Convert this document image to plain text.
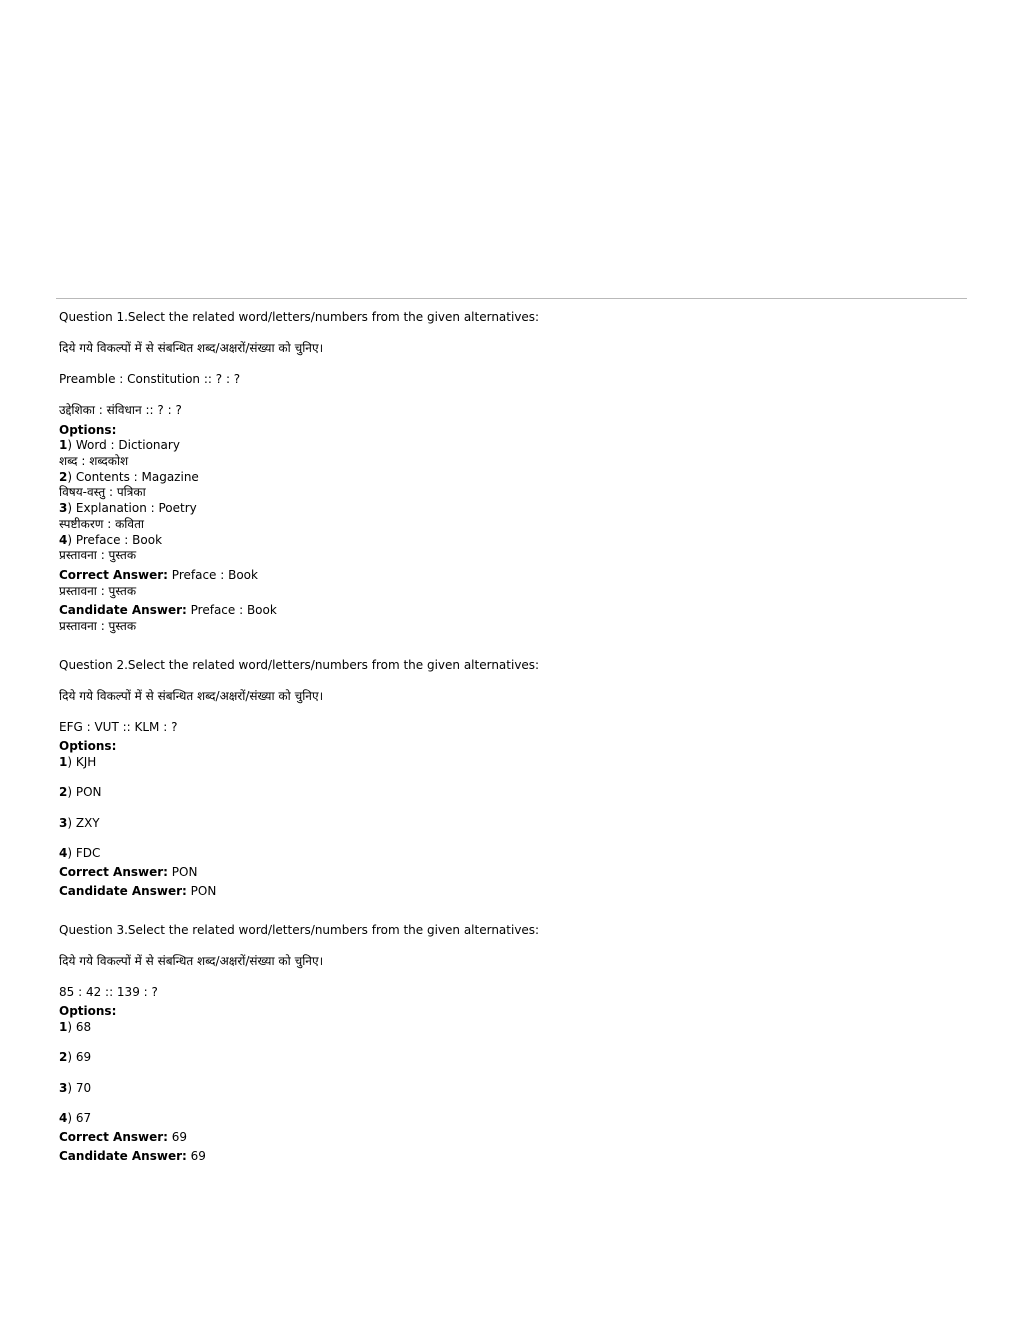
Question 1.Select the related word/letters/numbers from the given alternatives:
दिये गये विकल्पों में से संबन्धित शब्द/अक्षरों/संख्या को चुनिए।
Preamble : Constitution :: ? : ?
उद्देशिका : संविधान :: ? : ?
Options:
1) Word : Dictionary
शब्द : शब्दकोश
2) Contents : Magazine
विषय-वस्तु : पत्रिका
3) Explanation : Poetry
स्पष्टीकरण : कविता
4) Preface : Book
प्रस्तावना : पुस्तक
Correct Answer: Preface : Book
प्रस्तावना : पुस्तक
Candidate Answer: Preface : Book
प्रस्तावना : पुस्तक
Question 2.Select the related word/letters/numbers from the given alternatives:
दिये गये विकल्पों में से संबन्धित शब्द/अक्षरों/संख्या को चुनिए।
EFG : VUT :: KLM : ?
Options:
1) KJH
2) PON
3) ZXY
4) FDC
Correct Answer: PON
Candidate Answer: PON
Question 3.Select the related word/letters/numbers from the given alternatives:
दिये गये विकल्पों में से संबन्धित शब्द/अक्षरों/संख्या को चुनिए।
85 : 42 :: 139 : ?
Options:
1) 68
2) 69
3) 70
4) 67
Correct Answer: 69
Candidate Answer: 69
